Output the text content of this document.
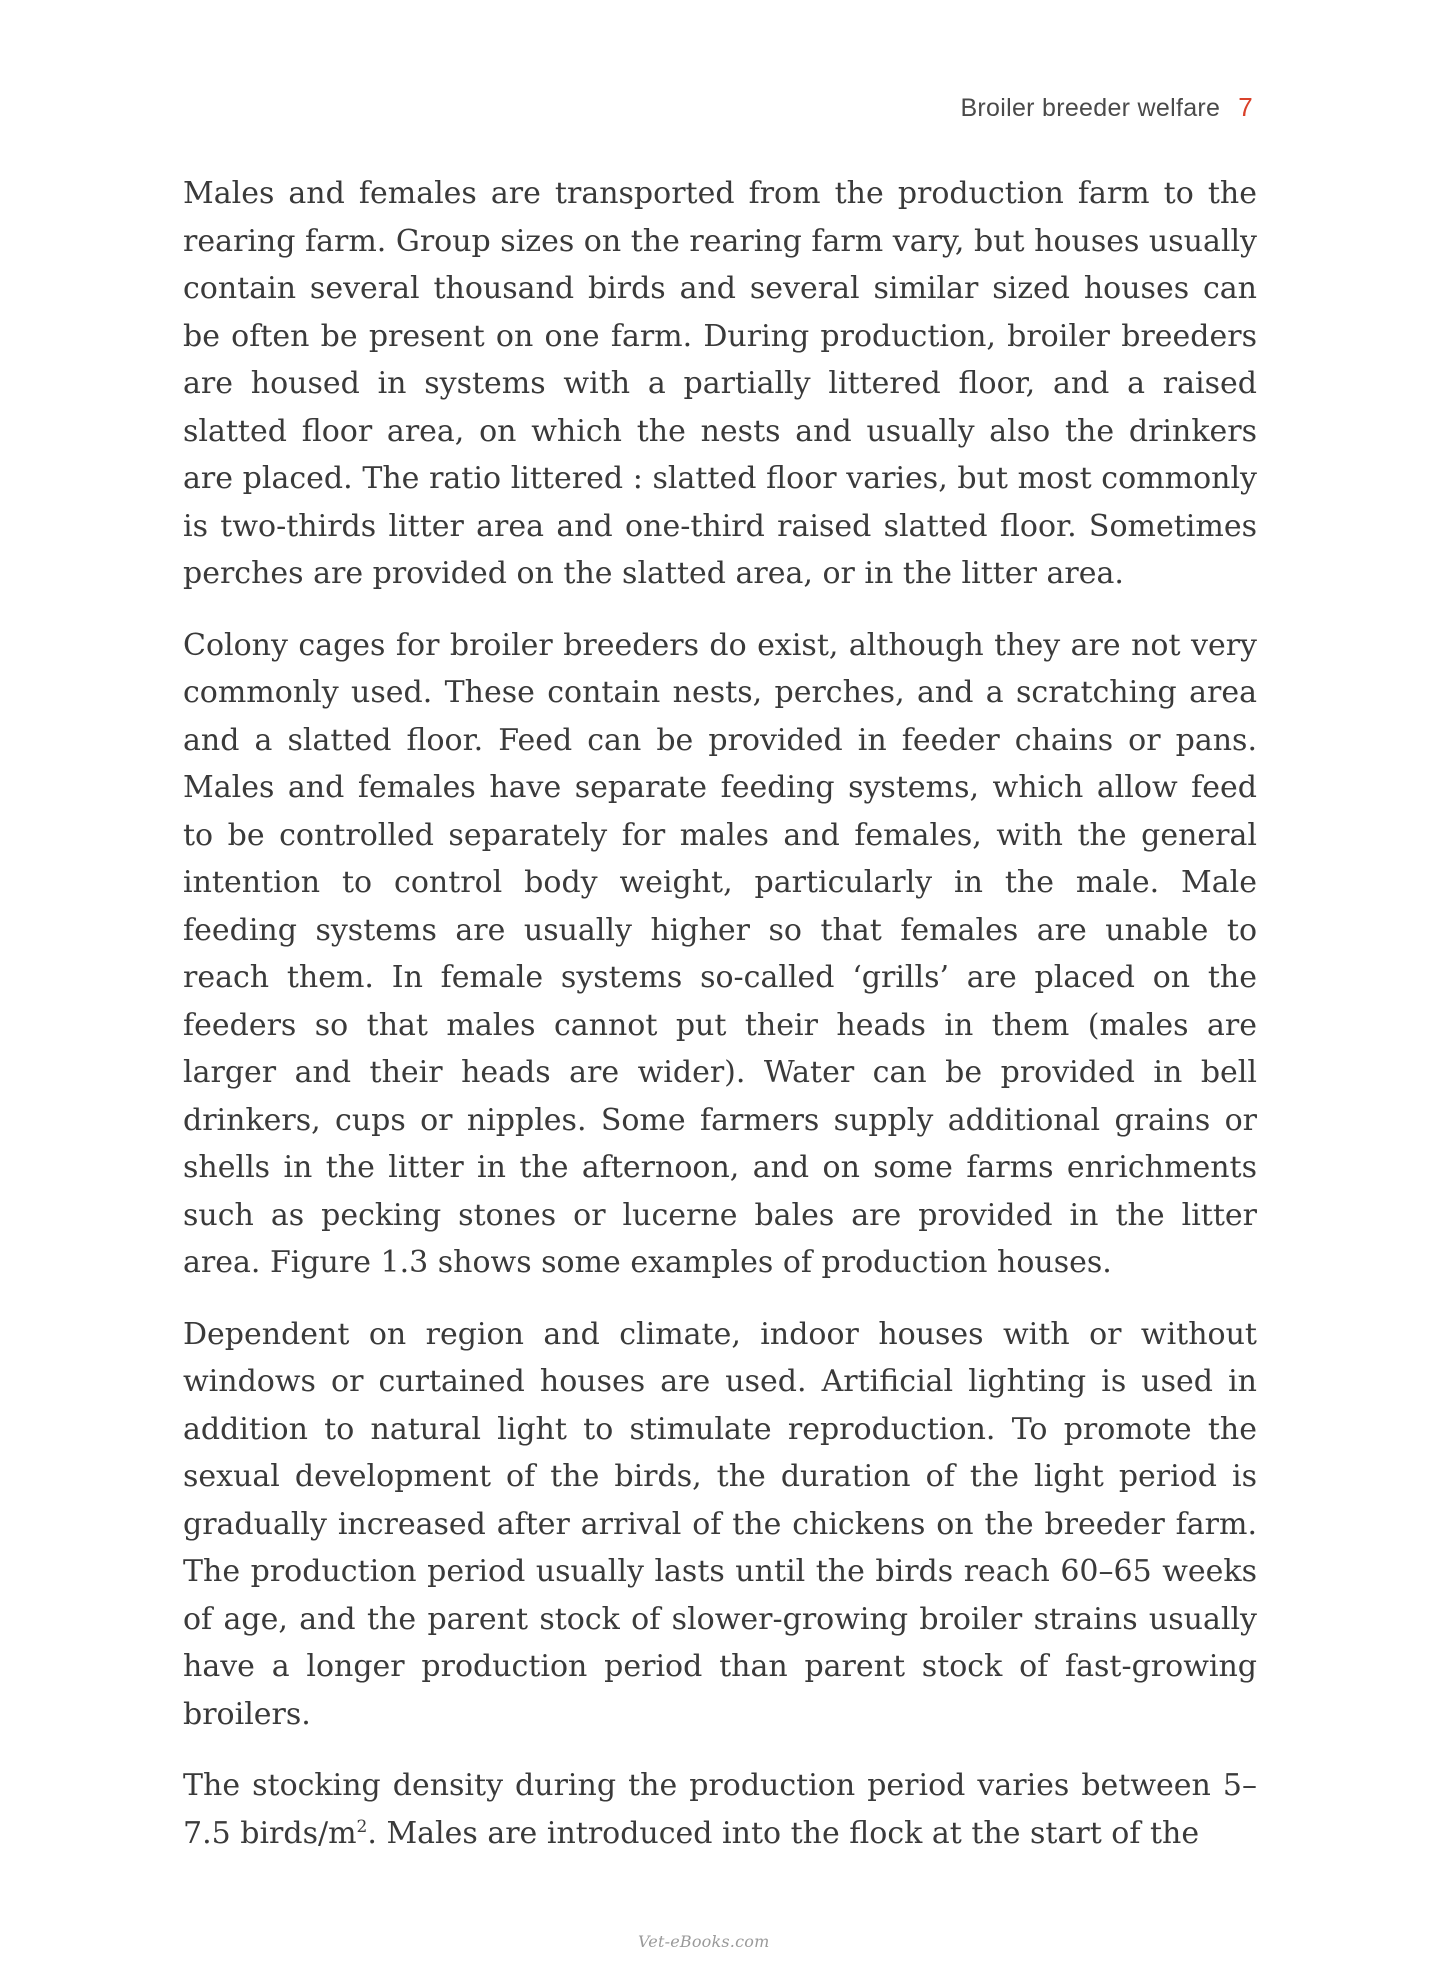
Broiler breeder welfare 7

Males and females are transported from the production farm to the rearing farm. Group sizes on the rearing farm vary, but houses usually contain several thousand birds and several similar sized houses can be often be present on one farm. During production, broiler breeders are housed in systems with a partially littered floor, and a raised slatted floor area, on which the nests and usually also the drinkers are placed. The ratio littered : slatted floor varies, but most commonly is two-thirds litter area and one-third raised slatted floor. Sometimes perches are provided on the slatted area, or in the litter area.

Colony cages for broiler breeders do exist, although they are not very commonly used. These contain nests, perches, and a scratching area and a slatted floor. Feed can be provided in feeder chains or pans. Males and females have separate feeding systems, which allow feed to be controlled separately for males and females, with the general intention to control body weight, particularly in the male. Male feeding systems are usually higher so that females are unable to reach them. In female systems so-called ‘grills’ are placed on the feeders so that males cannot put their heads in them (males are larger and their heads are wider). Water can be provided in bell drinkers, cups or nipples. Some farmers supply additional grains or shells in the litter in the afternoon, and on some farms enrichments such as pecking stones or lucerne bales are provided in the litter area. Figure 1.3 shows some examples of production houses.

Dependent on region and climate, indoor houses with or without windows or curtained houses are used. Artificial lighting is used in addition to natural light to stimulate reproduction. To promote the sexual development of the birds, the duration of the light period is gradually increased after arrival of the chickens on the breeder farm. The production period usually lasts until the birds reach 60–65 weeks of age, and the parent stock of slower-growing broiler strains usually have a longer production period than parent stock of fast-growing broilers.

The stocking density during the production period varies between 5–7.5 birds/$m^2$. Males are introduced into the flock at the start of the

Vet-eBooks.com
